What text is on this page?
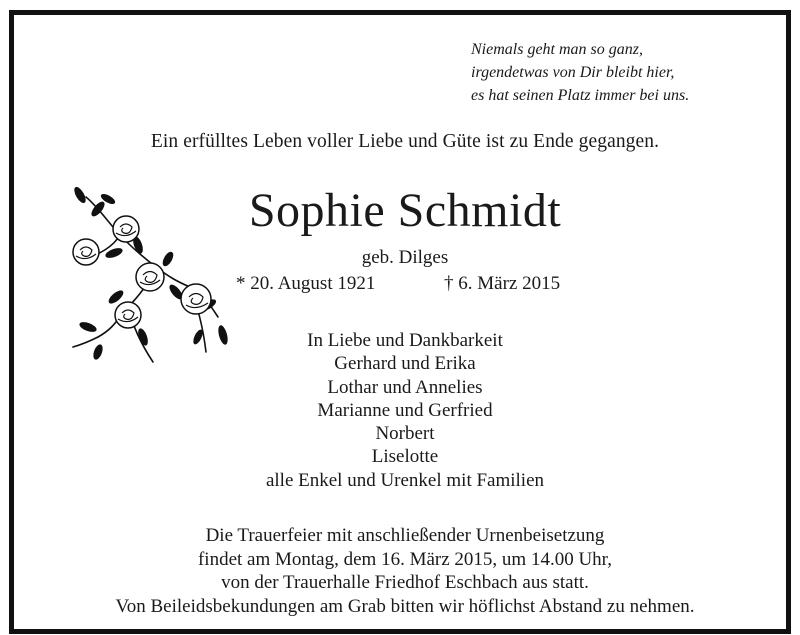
Niemals geht man so ganz,
irgendetwas von Dir bleibt hier,
es hat seinen Platz immer bei uns.
Ein erfülltes Leben voller Liebe und Güte ist zu Ende gegangen.
Sophie Schmidt
geb. Dilges
* 20. August 1921	† 6. März 2015
In Liebe und Dankbarkeit
Gerhard und Erika
Lothar und Annelies
Marianne und Gerfried
Norbert
Liselotte
alle Enkel und Urenkel mit Familien
Die Trauerfeier mit anschließender Urnenbeisetzung
findet am Montag, dem 16. März 2015, um 14.00 Uhr,
von der Trauerhalle Friedhof Eschbach aus statt.
Von Beileidsbekundungen am Grab bitten wir höflichst Abstand zu nehmen.
